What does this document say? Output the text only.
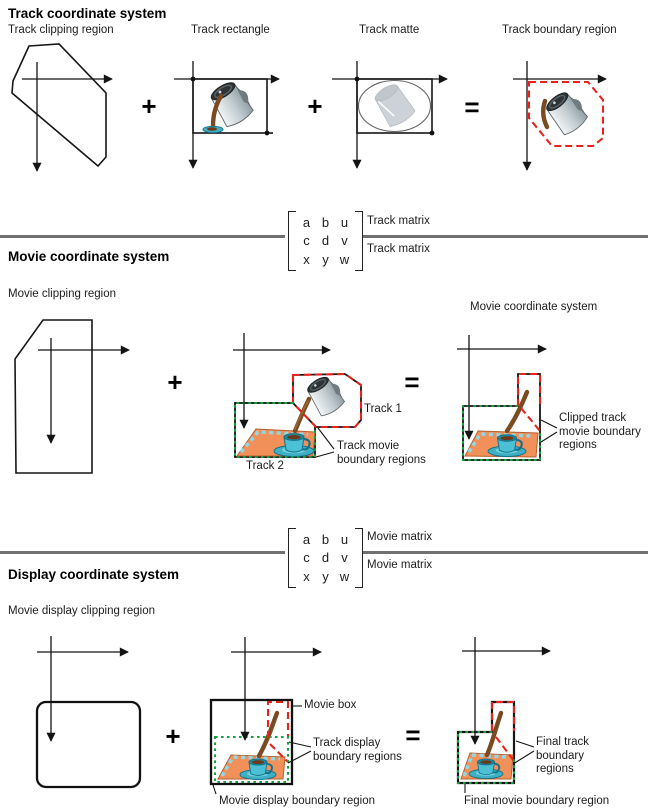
Track coordinate system
Movie coordinate system
Display coordinate system
Track clipping region	Track rectangle	Track matte	Track boundary region
+	+	=
a b u
c d v
x y w
Track matrix
Track matrix
Movie clipping region
Movie coordinate system
+	=
Track 1
Track 2
Track movie boundary regions
Clipped track movie boundary regions
a b u
c d v
x y w
Movie matrix
Movie matrix
Movie display clipping region
+	=
Movie box
Track display boundary regions
Movie display boundary region
Final track boundary regions
Final movie boundary region
